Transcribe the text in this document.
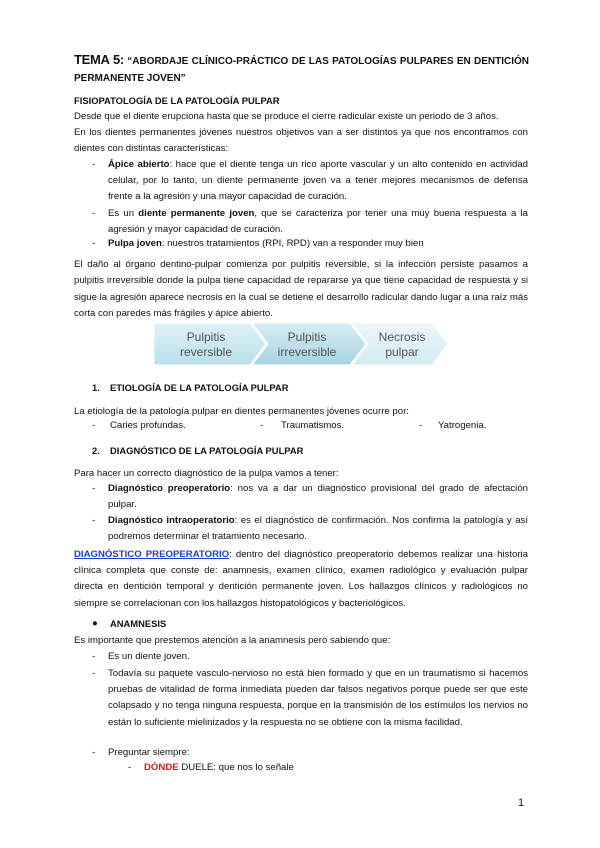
TEMA 5: “ABORDAJE CLÍNICO-PRÁCTICO DE LAS PATOLOGÍAS PULPARES EN DENTICIÓN PERMANENTE JOVEN”
FISIOPATOLOGÍA DE LA PATOLOGÍA PULPAR
Desde que el diente erupciona hasta que se produce el cierre radicular existe un periodo de 3 años.
En los dientes permanentes jóvenes nuestros objetivos van a ser distintos ya que nos encontramos con dientes con distintas características:
- Ápice abierto: hace que el diente tenga un rico aporte vascular y un alto contenido en actividad celular, por lo tanto, un diente permanente joven va a tener mejores mecanismos de defensa frente a la agresión y una mayor capacidad de curación.
- Es un diente permanente joven, que se caracteriza por tener una muy buena respuesta a la agresión y mayor capacidad de curación.
- Pulpa joven: nuestros tratamientos (RPI, RPD) van a responder muy bien
El daño al órgano dentino-pulpar comienza por pulpitis reversible, si la infección persiste pasamos a pulpitis irreversible donde la pulpa tiene capacidad de repararse ya que tiene capacidad de respuesta y si sigue la agresión aparece necrosis en la cual se detiene el desarrollo radicular dando lugar a una raíz más corta con paredes más frágiles y ápice abierto.
Pulpitis
reversible
Pulpitis
irreversible
Necrosis
pulpar
1. ETIOLOGÍA DE LA PATOLOGÍA PULPAR
La etiología de la patología pulpar en dientes permanentes jóvenes ocurre por:
- Caries profundas.	- Traumatismos.	- Yatrogenia.
2. DIAGNÓSTICO DE LA PATOLOGÍA PULPAR
Para hacer un correcto diagnóstico de la pulpa vamos a tener:
- Diagnóstico preoperatorio: nos va a dar un diagnóstico provisional del grado de afectación pulpar.
- Diagnóstico intraoperatorio: es el diagnóstico de confirmación. Nos confirma la patología y así podremos determinar el tratamiento necesario.
DIAGNÓSTICO PREOPERATORIO: dentro del diagnóstico preoperatorio debemos realizar una historia clínica completa que conste de: anamnesis, examen clínico, examen radiológico y evaluación pulpar directa en dentición temporal y dentición permanente joven. Los hallazgos clínicos y radiológicos no siempre se correlacionan con los hallazgos histopatológicos y bacteriológicos.
● ANAMNESIS
Es importante que prestemos atención a la anamnesis pero sabiendo que:
- Es un diente joven.
- Todavía su paquete vasculo-nervioso no está bien formado y que en un traumatismo si hacemos pruebas de vitalidad de forma inmediata pueden dar falsos negativos porque puede ser que este colapsado y no tenga ninguna respuesta, porque en la transmisión de los estímulos los nervios no están lo suficiente mielinizados y la respuesta no se obtiene con la misma facilidad.
- Preguntar siempre:
- DÓNDE DUELE: que nos lo señale
1
